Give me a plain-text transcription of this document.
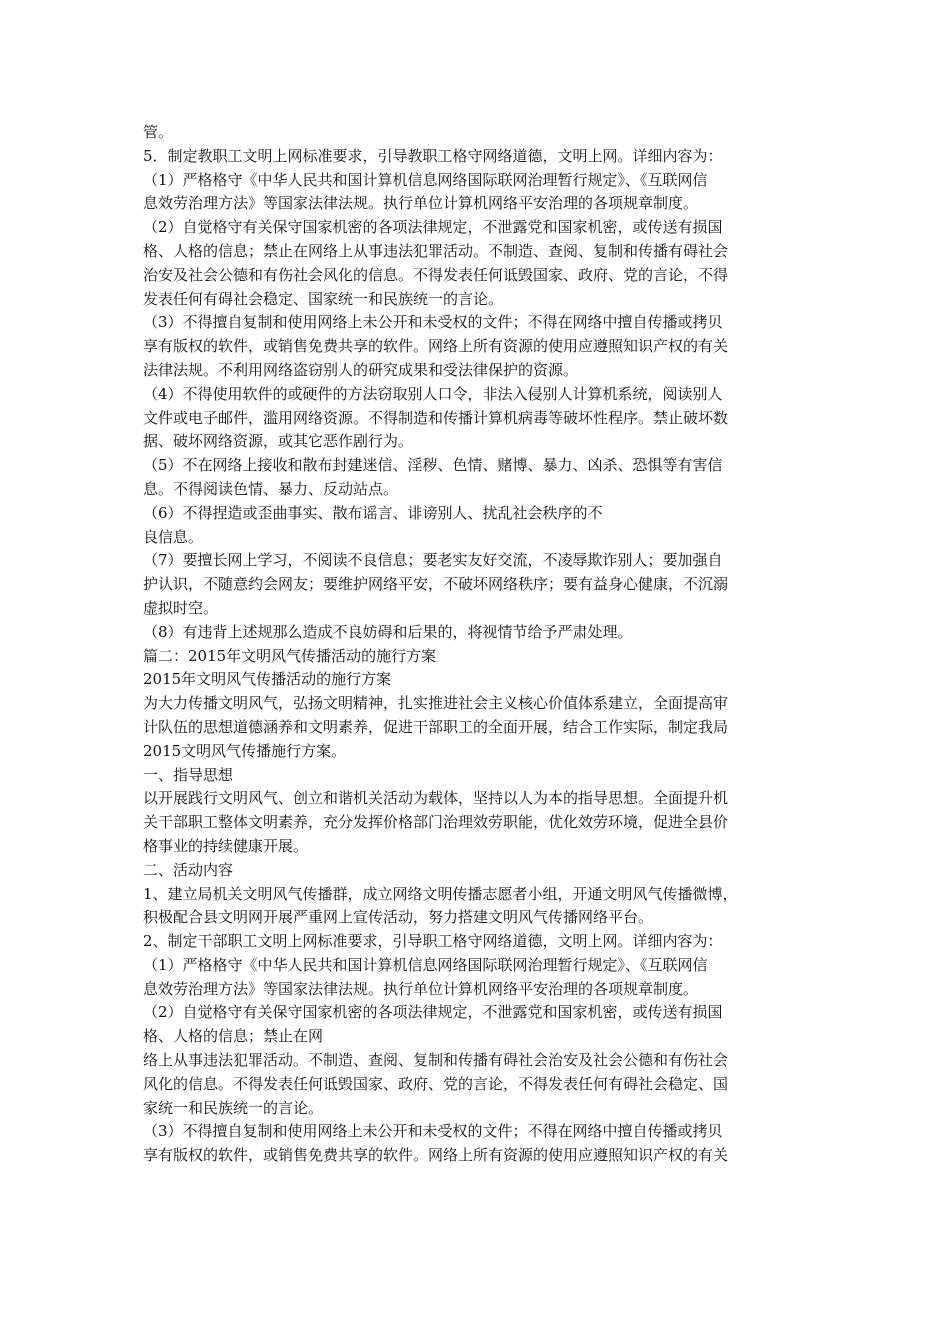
管。
5．制定教职工文明上网标准要求，引导教职工格守网络道德，文明上网。详细内容为：
（1）严格格守《中华人民共和国计算机信息网络国际联网治理暂行规定》、《互联网信
息效劳治理方法》等国家法律法规。执行单位计算机网络平安治理的各项规章制度。
（2）自觉格守有关保守国家机密的各项法律规定，不泄露党和国家机密，或传送有损国
格、人格的信息；禁止在网络上从事违法犯罪活动。不制造、查阅、复制和传播有碍社会
治安及社会公德和有伤社会风化的信息。不得发表任何诋毁国家、政府、党的言论，不得
发表任何有碍社会稳定、国家统一和民族统一的言论。
（3）不得擅自复制和使用网络上未公开和未受权的文件；不得在网络中擅自传播或拷贝
享有版权的软件，或销售免费共享的软件。网络上所有资源的使用应遵照知识产权的有关
法律法规。不利用网络盗窃别人的研究成果和受法律保护的资源。
（4）不得使用软件的或硬件的方法窃取别人口令，非法入侵别人计算机系统，阅读别人
文件或电子邮件，滥用网络资源。不得制造和传播计算机病毒等破坏性程序。禁止破坏数
据、破坏网络资源，或其它恶作剧行为。
（5）不在网络上接收和散布封建迷信、淫秽、色情、赌博、暴力、凶杀、恐惧等有害信
息。不得阅读色情、暴力、反动站点。
（6）不得捏造或歪曲事实、散布谣言、诽谤别人、扰乱社会秩序的不
良信息。
（7）要擅长网上学习，不阅读不良信息；要老实友好交流，不凌辱欺诈别人；要加强自
护认识，不随意约会网友；要维护网络平安，不破坏网络秩序；要有益身心健康，不沉溺
虚拟时空。
（8）有违背上述规那么造成不良妨碍和后果的，将视情节给予严肃处理。
篇二：2015年文明风气传播活动的施行方案
2015年文明风气传播活动的施行方案
为大力传播文明风气，弘扬文明精神，扎实推进社会主义核心价值体系建立，全面提高审
计队伍的思想道德涵养和文明素养，促进干部职工的全面开展，结合工作实际，制定我局
2015文明风气传播施行方案。
一、指导思想
以开展践行文明风气、创立和谐机关活动为载体，坚持以人为本的指导思想。全面提升机
关干部职工整体文明素养，充分发挥价格部门治理效劳职能，优化效劳环境，促进全县价
格事业的持续健康开展。
二、活动内容
1、建立局机关文明风气传播群，成立网络文明传播志愿者小组，开通文明风气传播微博，
积极配合县文明网开展严重网上宣传活动，努力搭建文明风气传播网络平台。
2、制定干部职工文明上网标准要求，引导职工格守网络道德，文明上网。详细内容为：
（1）严格格守《中华人民共和国计算机信息网络国际联网治理暂行规定》、《互联网信
息效劳治理方法》等国家法律法规。执行单位计算机网络平安治理的各项规章制度。
（2）自觉格守有关保守国家机密的各项法律规定，不泄露党和国家机密，或传送有损国
格、人格的信息；禁止在网
络上从事违法犯罪活动。不制造、查阅、复制和传播有碍社会治安及社会公德和有伤社会
风化的信息。不得发表任何诋毁国家、政府、党的言论，不得发表任何有碍社会稳定、国
家统一和民族统一的言论。
（3）不得擅自复制和使用网络上未公开和未受权的文件；不得在网络中擅自传播或拷贝
享有版权的软件，或销售免费共享的软件。网络上所有资源的使用应遵照知识产权的有关
